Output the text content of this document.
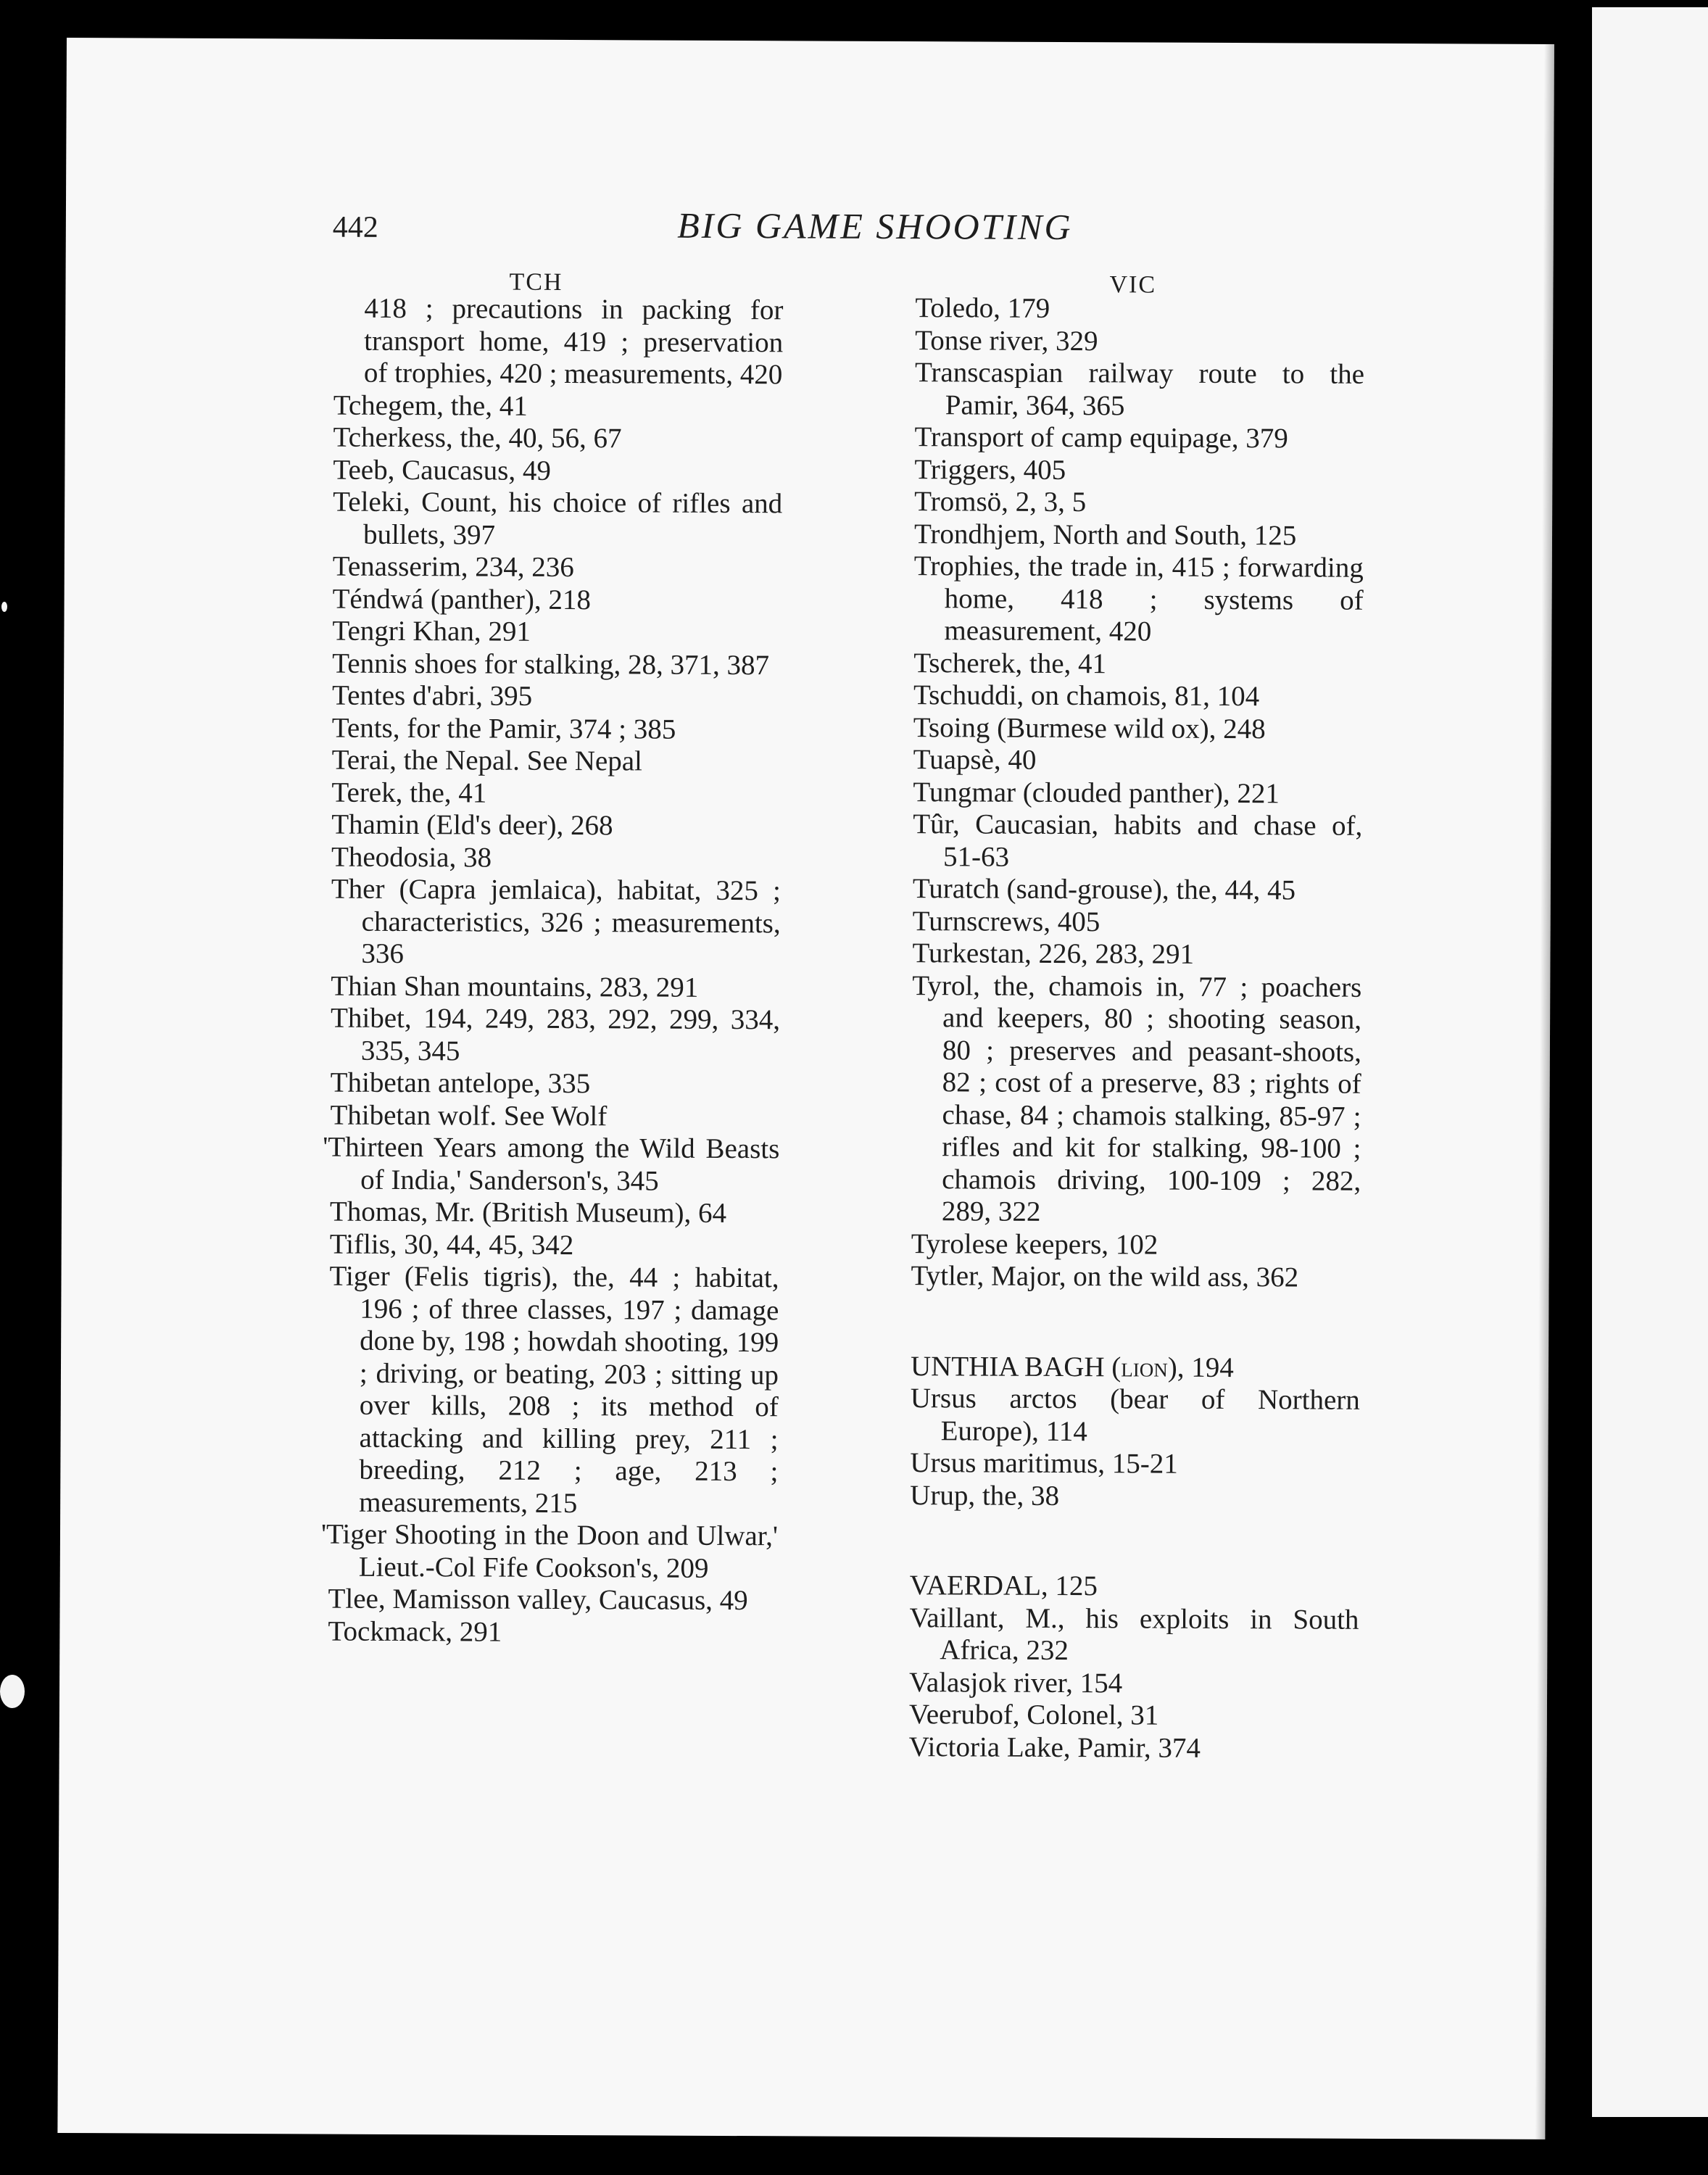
442	BIG GAME SHOOTING
TCH	VIC
418 ; precautions in packing for transport home, 419 ; preservation of trophies, 420 ; measurements, 420
Tchegem, the, 41
Tcherkess, the, 40, 56, 67
Teeb, Caucasus, 49
Teleki, Count, his choice of rifles and bullets, 397
Tenasserim, 234, 236
Téndwá (panther), 218
Tengri Khan, 291
Tennis shoes for stalking, 28, 371, 387
Tentes d'abri, 395
Tents, for the Pamir, 374 ; 385
Terai, the Nepal. See Nepal
Terek, the, 41
Thamin (Eld's deer), 268
Theodosia, 38
Ther (Capra jemlaica), habitat, 325 ; characteristics, 326 ; measurements, 336
Thian Shan mountains, 283, 291
Thibet, 194, 249, 283, 292, 299, 334, 335, 345
Thibetan antelope, 335
Thibetan wolf. See Wolf
'Thirteen Years among the Wild Beasts of India,' Sanderson's, 345
Thomas, Mr. (British Museum), 64
Tiflis, 30, 44, 45, 342
Tiger (Felis tigris), the, 44 ; habitat, 196 ; of three classes, 197 ; damage done by, 198 ; howdah shooting, 199 ; driving, or beating, 203 ; sitting up over kills, 208 ; its method of attacking and killing prey, 211 ; breeding, 212 ; age, 213 ; measurements, 215
'Tiger Shooting in the Doon and Ulwar,' Lieut.-Col Fife Cookson's, 209
Tlee, Mamisson valley, Caucasus, 49
Tockmack, 291
Toledo, 179
Tonse river, 329
Transcaspian railway route to the Pamir, 364, 365
Transport of camp equipage, 379
Triggers, 405
Tromsö, 2, 3, 5
Trondhjem, North and South, 125
Trophies, the trade in, 415 ; forwarding home, 418 ; systems of measurement, 420
Tscherek, the, 41
Tschuddi, on chamois, 81, 104
Tsoing (Burmese wild ox), 248
Tuapsè, 40
Tungmar (clouded panther), 221
Tûr, Caucasian, habits and chase of, 51-63
Turatch (sand-grouse), the, 44, 45
Turnscrews, 405
Turkestan, 226, 283, 291
Tyrol, the, chamois in, 77 ; poachers and keepers, 80 ; shooting season, 80 ; preserves and peasant-shoots, 82 ; cost of a preserve, 83 ; rights of chase, 84 ; chamois stalking, 85-97 ; rifles and kit for stalking, 98-100 ; chamois driving, 100-109 ; 282, 289, 322
Tyrolese keepers, 102
Tytler, Major, on the wild ass, 362
UNTHIA BAGH (lion), 194
Ursus arctos (bear of Northern Europe), 114
Ursus maritimus, 15-21
Urup, the, 38
VAERDAL, 125
Vaillant, M., his exploits in South Africa, 232
Valasjok river, 154
Veerubof, Colonel, 31
Victoria Lake, Pamir, 374
